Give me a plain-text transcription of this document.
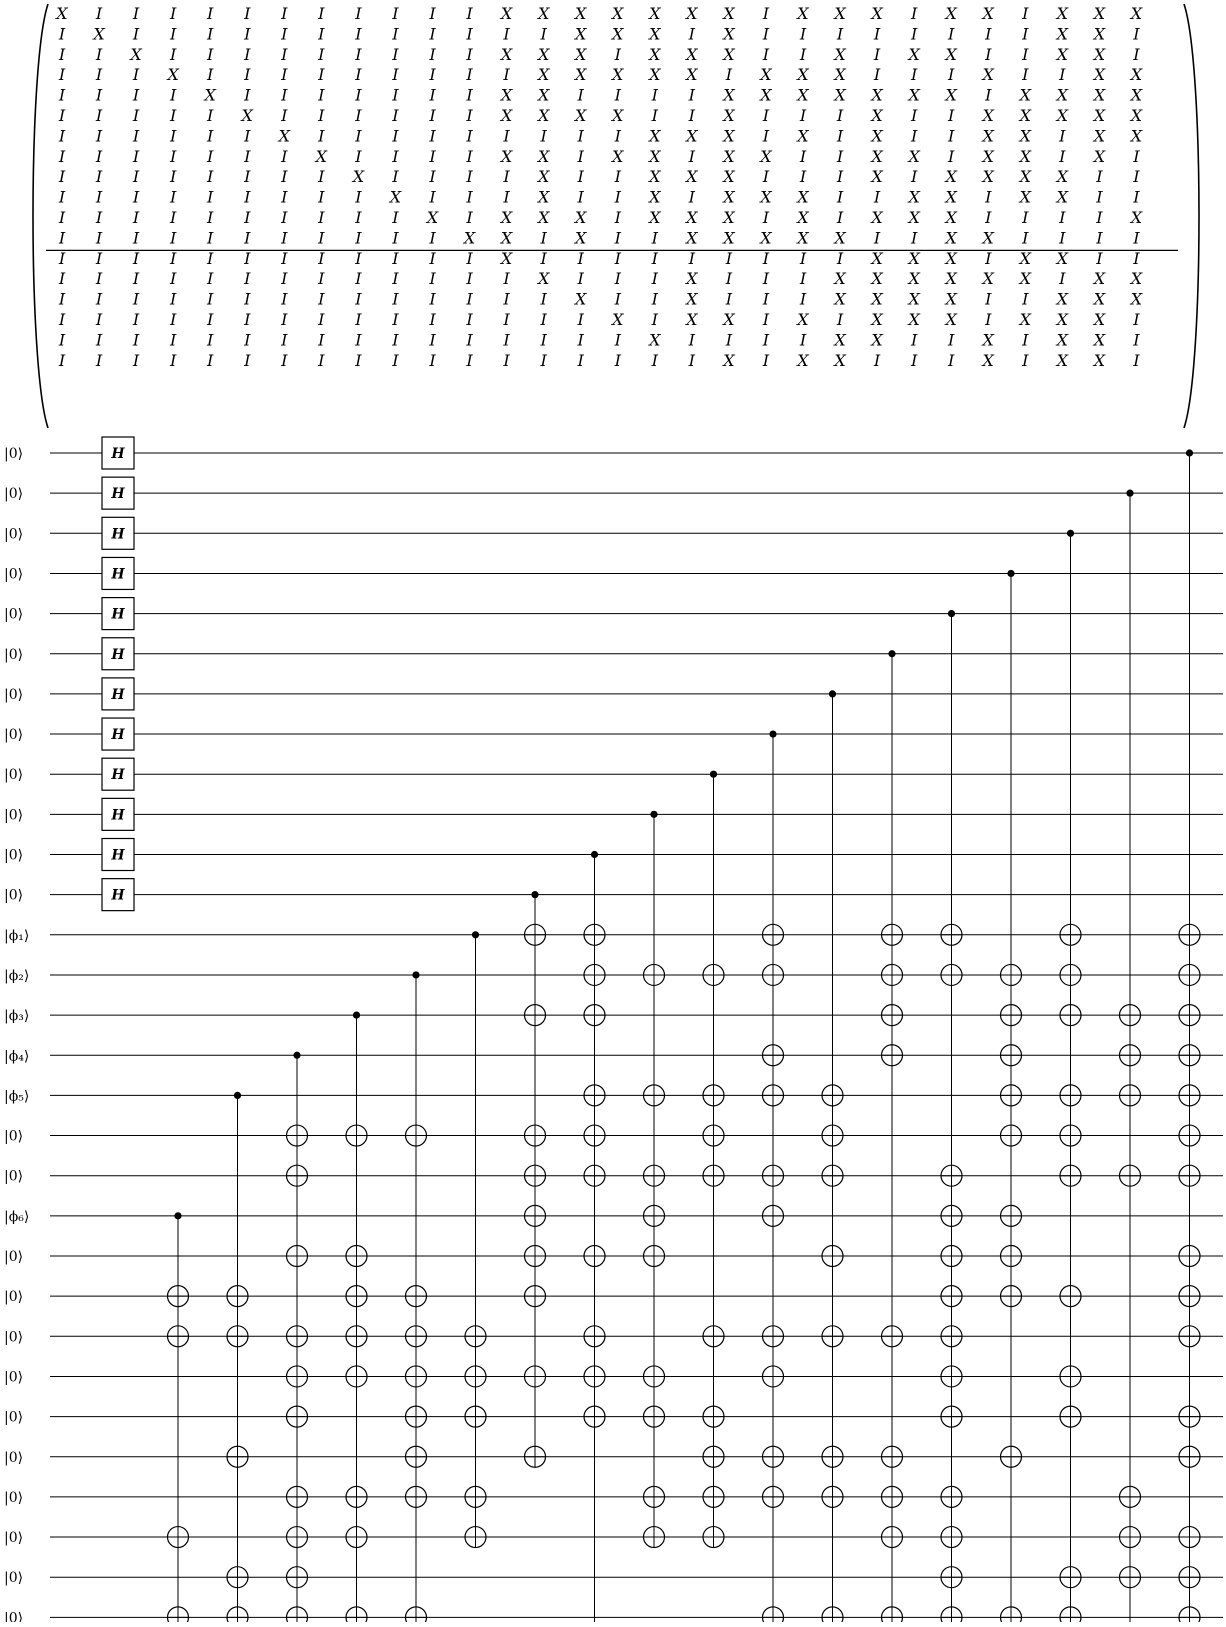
X I I I I I I I I I I I X X X X X X X I X X X I X X I X X X
I X I I I I I I I I I I I I X X X I X I I I I I I I I X X I
I I X I I I I I I I I I X X X I X X X I I X I X X I I X X I
I I I X I I I I I I I I I X X X X X I X X X I I I X I I X X
I I I I X I I I I I I I X X I I I I X X X X X X X I X X X X
I I I I I X I I I I I I X X X X I I X I I I X I I X X X X X
I I I I I I X I I I I I I I I I X X X I X I X I I X X I X X
I I I I I I I X I I I I X X I X X I X X I I X X I X X I X I
I I I I I I I I X I I I I X I I X X X I I I X I X X X X I I
I I I I I I I I I X I I I X I I X I X X X I I X X I X X I I
I I I I I I I I I I X I X X X I X X X I X I X X X I I I I X
I I I I I I I I I I I X X I X I I X X X X X I I X X I I I I
I I I I I I I I I I I I X I I I I I I I I I X X X I X X I I
I I I I I I I I I I I I I X I I I X I I I X X X X X X I X X
I I I I I I I I I I I I I I X I I X I I I X X X X I I X X X
I I I I I I I I I I I I I I I X I X X I X I X X X I X X X I
I I I I I I I I I I I I I I I I X I I I I X X I I X I X X I
I I I I I I I I I I I I I I I I I I X I X X I I I X I X X I
|0⟩
|0⟩
|0⟩
|0⟩
|0⟩
|0⟩
|0⟩
|0⟩
|0⟩
|0⟩
|0⟩
|0⟩
|ϕ₁⟩
|ϕ₂⟩
|ϕ₃⟩
|ϕ₄⟩
|ϕ₅⟩
|0⟩
|0⟩
|ϕ₆⟩
|0⟩
|0⟩
|0⟩
|0⟩
|0⟩
|0⟩
|0⟩
|0⟩
|0⟩
|0⟩
H
H
H
H
H
H
H
H
H
H
H
H
